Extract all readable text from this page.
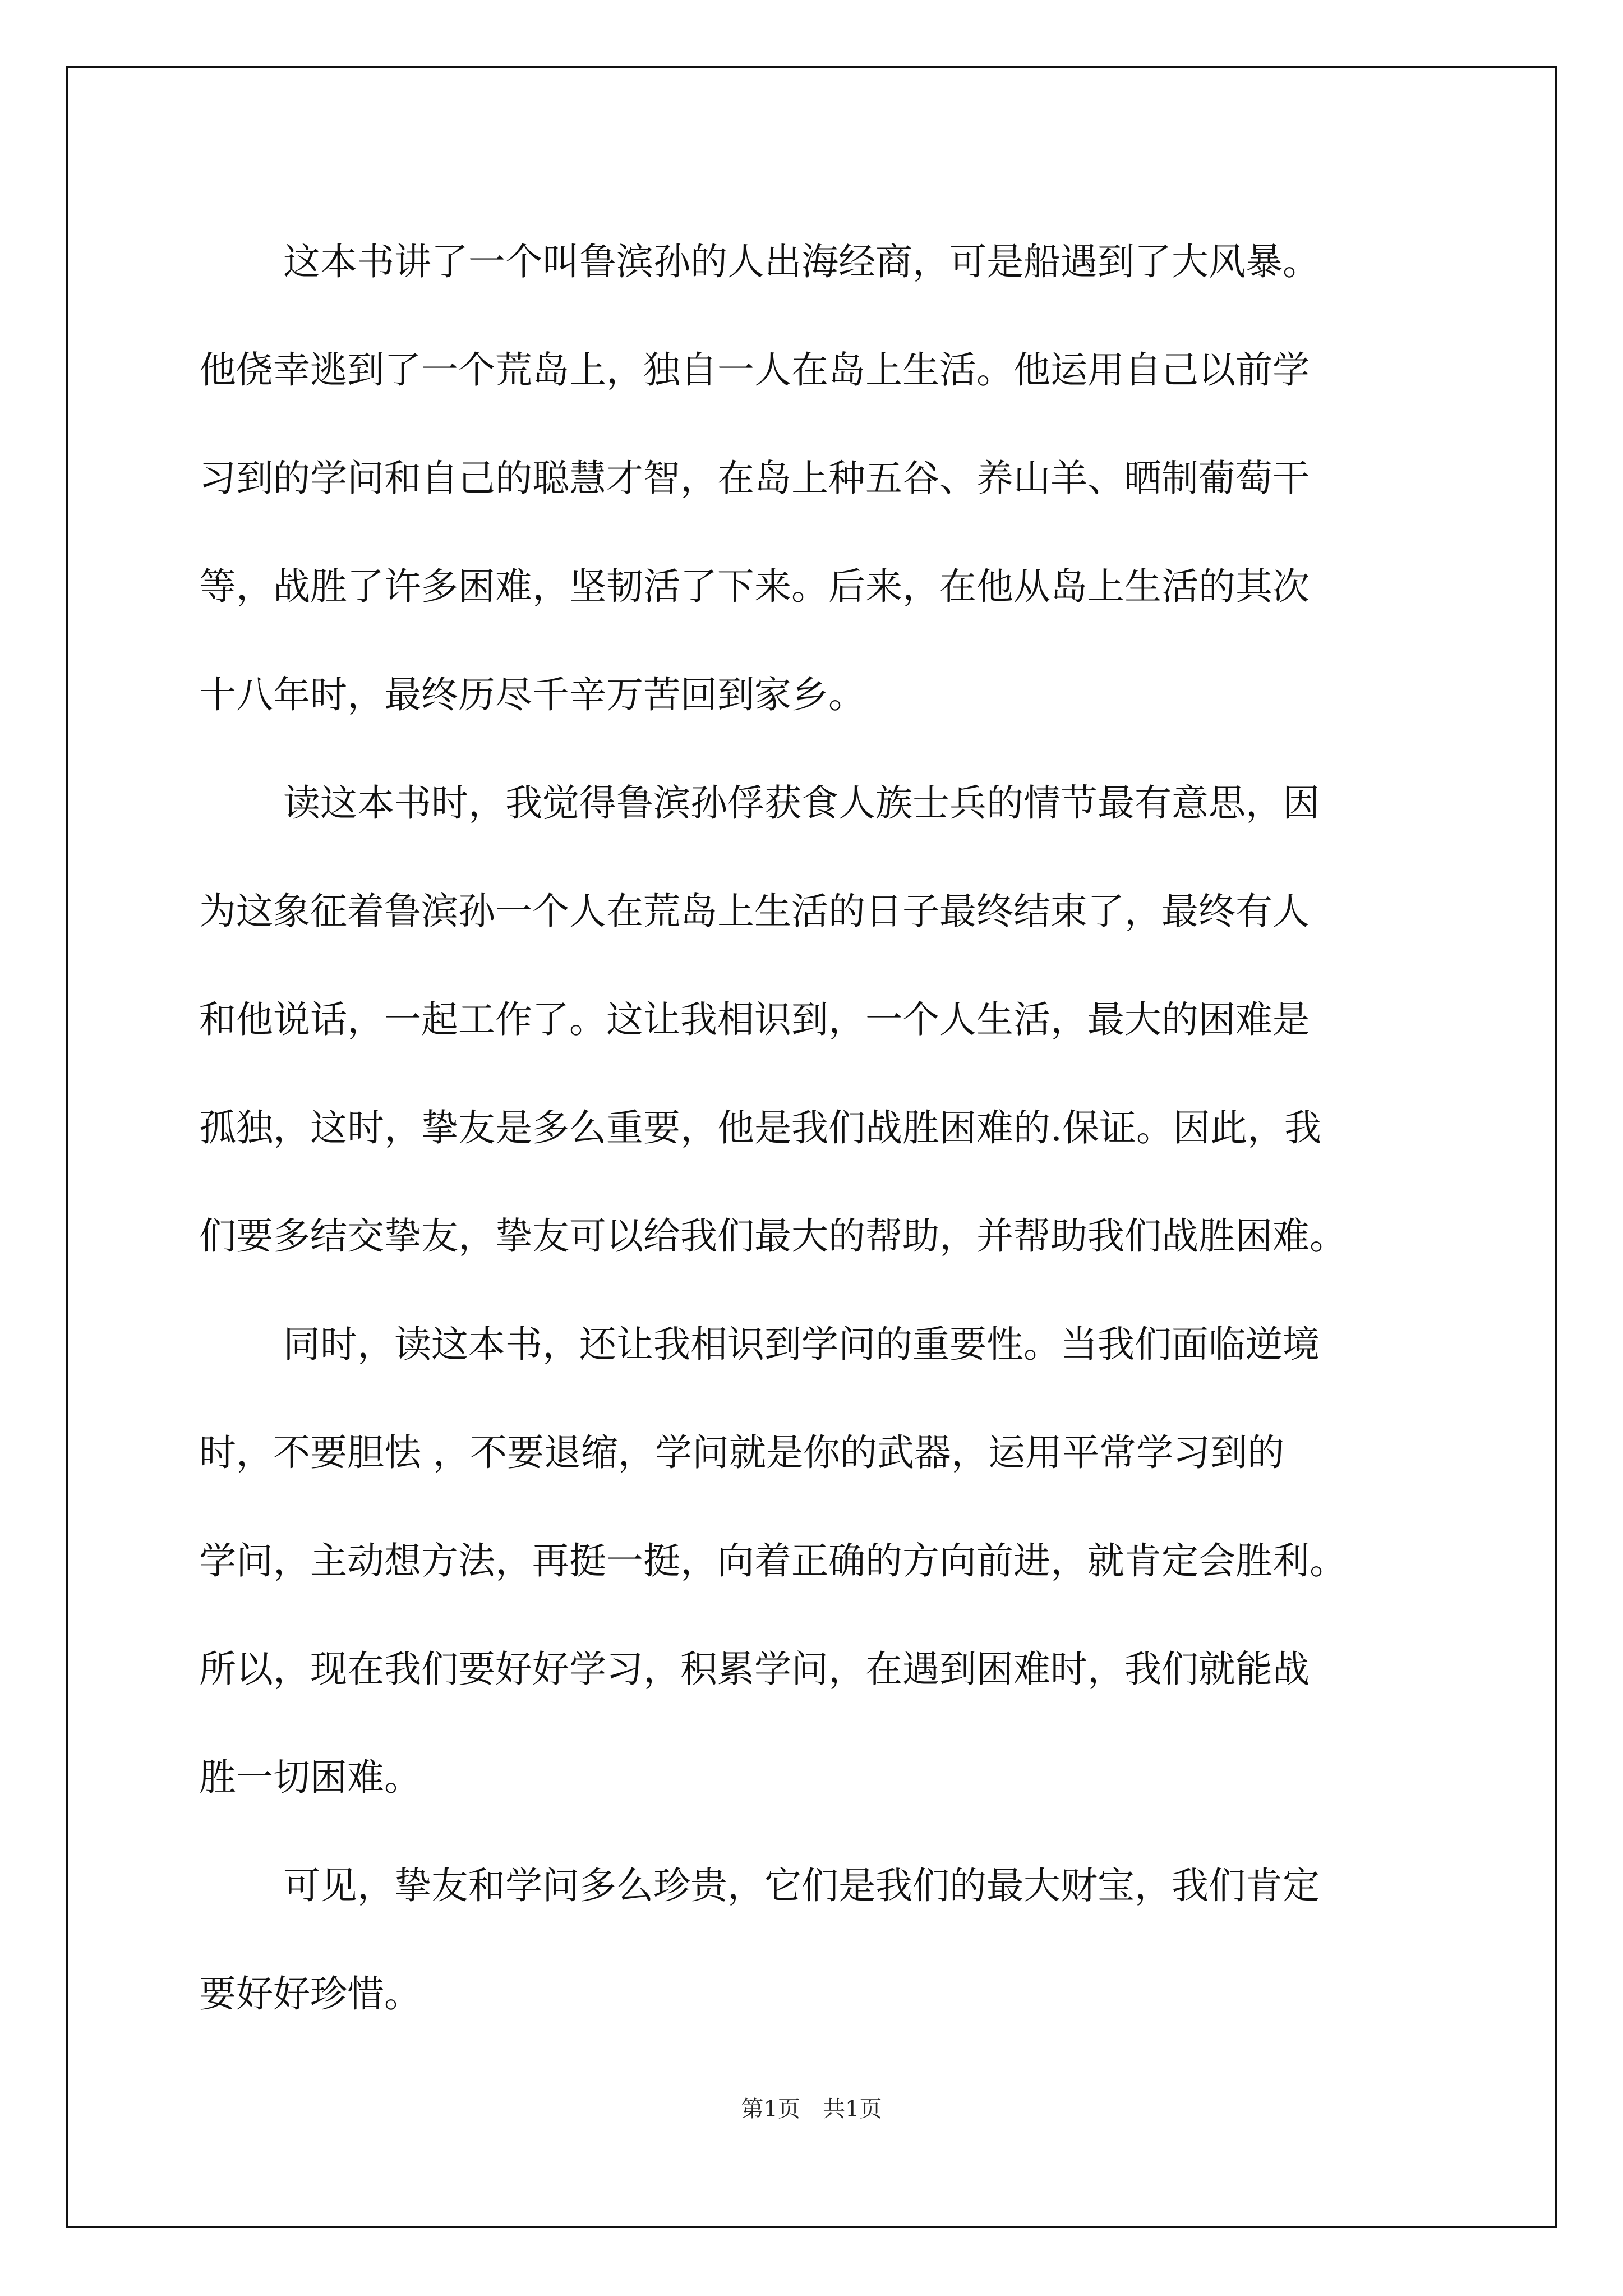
这本书讲了一个叫鲁滨孙的人出海经商，可是船遇到了大风暴。
他侥幸逃到了一个荒岛上，独自一人在岛上生活。他运用自己以前学
习到的学问和自己的聪慧才智，在岛上种五谷、养山羊、晒制葡萄干
等，战胜了许多困难，坚韧活了下来。后来，在他从岛上生活的其次
十八年时，最终历尽千辛万苦回到家乡。
读这本书时，我觉得鲁滨孙俘获食人族士兵的情节最有意思，因
为这象征着鲁滨孙一个人在荒岛上生活的日子最终结束了，最终有人
和他说话，一起工作了。这让我相识到，一个人生活，最大的困难是
孤独，这时，挚友是多么重要，他是我们战胜困难的.保证。因此，我
们要多结交挚友，挚友可以给我们最大的帮助，并帮助我们战胜困难。
同时，读这本书，还让我相识到学问的重要性。当我们面临逆境
时，不要胆怯 ，不要退缩，学问就是你的武器，运用平常学习到的
学问，主动想方法，再挺一挺，向着正确的方向前进，就肯定会胜利。
所以，现在我们要好好学习，积累学问，在遇到困难时，我们就能战
胜一切困难。
可见，挚友和学问多么珍贵，它们是我们的最大财宝，我们肯定
要好好珍惜。
第1页 共1页
